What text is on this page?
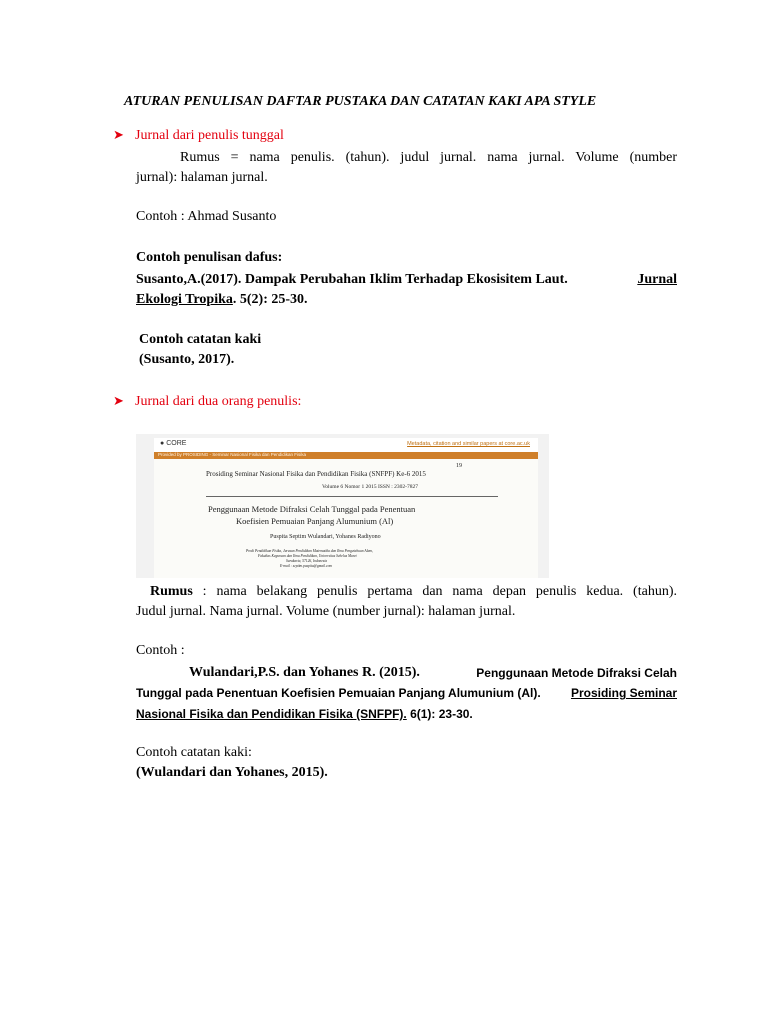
ATURAN PENULISAN DAFTAR PUSTAKA DAN CATATAN KAKI APA STYLE
➤ Jurnal dari penulis tunggal
Rumus = nama penulis. (tahun). judul jurnal. nama jurnal. Volume (number
jurnal): halaman jurnal.
Contoh : Ahmad Susanto
Contoh penulisan dafus:
Susanto,A.(2017). Dampak Perubahan Iklim Terhadap Ekosisitem Laut.	Jurnal
Ekologi Tropika. 5(2): 25-30.
Contoh catatan kaki
(Susanto, 2017).
➤ Jurnal dari dua orang penulis:
● CORE	Metadata, citation and similar papers at core.ac.uk
Provided by PROSIDING - Seminar Nasional Fisika dan Pendidikan Fisika
19
Prosiding Seminar Nasional Fisika dan Pendidikan Fisika (SNFPF) Ke-6 2015
Volume 6 Nomor 1 2015 ISSN : 2302-7827
Penggunaan Metode Difraksi Celah Tunggal pada Penentuan
Koefisien Pemuaian Panjang Alumunium (Al)
Puspita Septim Wulandari, Yohanes Radiyono
Prodi Pendidikan Fisika, Jurusan Pendidikan Matematika dan Ilmu Pengetahuan Alam,
Fakultas Keguruan dan Ilmu Pendidikan, Universitas Sebelas Maret
Surakarta, 57126, Indonesia
E-mail : septim.puspita@gmail.com
Rumus : nama belakang penulis pertama dan nama depan penulis kedua. (tahun).
Judul jurnal. Nama jurnal. Volume (number jurnal): halaman jurnal.
Contoh :
Wulandari,P.S. dan Yohanes R. (2015).	Penggunaan Metode Difraksi Celah
Tunggal pada Penentuan Koefisien Pemuaian Panjang Alumunium (Al).	Prosiding Seminar
Nasional Fisika dan Pendidikan Fisika (SNFPF). 6(1): 23-30.
Contoh catatan kaki:
(Wulandari dan Yohanes, 2015).
